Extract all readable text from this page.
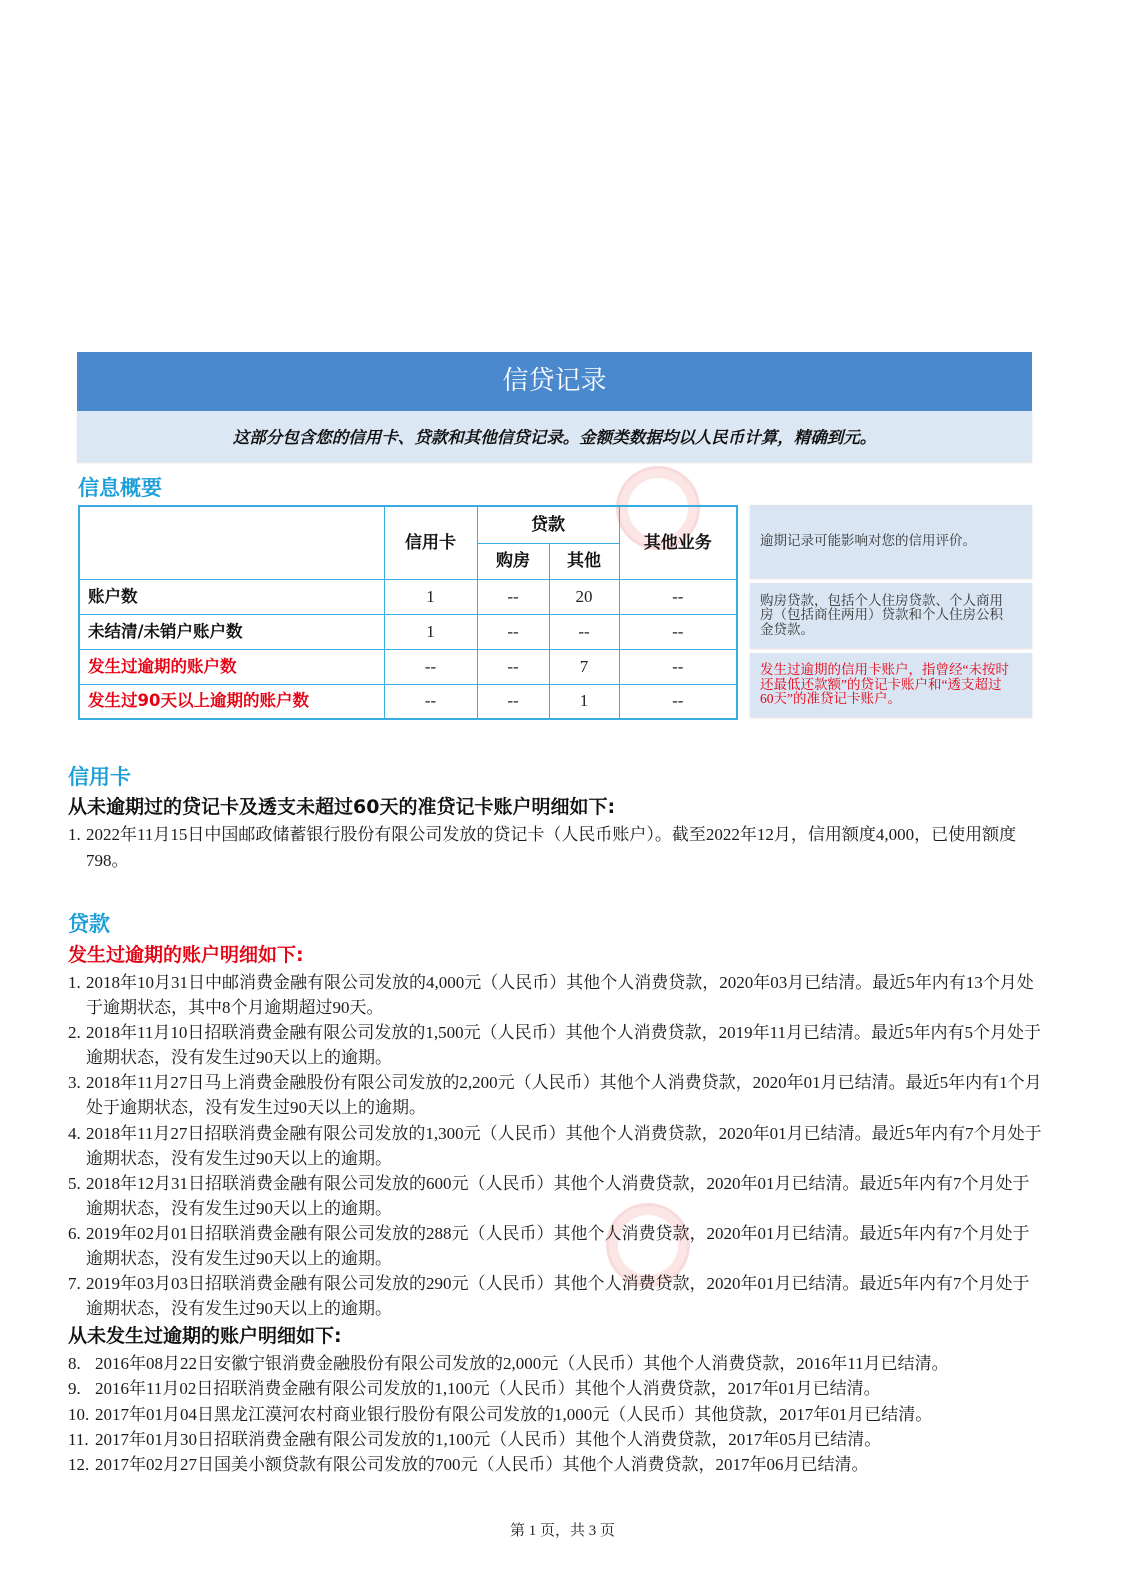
信贷记录
这部分包含您的信用卡、贷款和其他信贷记录。金额类数据均以人民币计算，精确到元。
信息概要
	信用卡	贷款		其他业务
		购房	其他	
账户数	1	--	20	--
未结清/未销户账户数	1	--	--	--
发生过逾期的账户数	--	--	7	--
发生过90天以上逾期的账户数	--	--	1	--
逾期记录可能影响对您的信用评价。
购房贷款，包括个人住房贷款、个人商用房（包括商住两用）贷款和个人住房公积金贷款。
发生过逾期的信用卡账户，指曾经“未按时还最低还款额”的贷记卡账户和“透支超过60天”的准贷记卡账户。
信用卡
从未逾期过的贷记卡及透支未超过60天的准贷记卡账户明细如下:
1. 2022年11月15日中国邮政储蓄银行股份有限公司发放的贷记卡（人民币账户）。截至2022年12月，信用额度4,000，已使用额度798。
贷款
发生过逾期的账户明细如下:
1. 2018年10月31日中邮消费金融有限公司发放的4,000元（人民币）其他个人消费贷款，2020年03月已结清。最近5年内有13个月处于逾期状态，其中8个月逾期超过90天。
2. 2018年11月10日招联消费金融有限公司发放的1,500元（人民币）其他个人消费贷款，2019年11月已结清。最近5年内有5个月处于逾期状态，没有发生过90天以上的逾期。
3. 2018年11月27日马上消费金融股份有限公司发放的2,200元（人民币）其他个人消费贷款，2020年01月已结清。最近5年内有1个月处于逾期状态，没有发生过90天以上的逾期。
4. 2018年11月27日招联消费金融有限公司发放的1,300元（人民币）其他个人消费贷款，2020年01月已结清。最近5年内有7个月处于逾期状态，没有发生过90天以上的逾期。
5. 2018年12月31日招联消费金融有限公司发放的600元（人民币）其他个人消费贷款，2020年01月已结清。最近5年内有7个月处于逾期状态，没有发生过90天以上的逾期。
6. 2019年02月01日招联消费金融有限公司发放的288元（人民币）其他个人消费贷款，2020年01月已结清。最近5年内有7个月处于逾期状态，没有发生过90天以上的逾期。
7. 2019年03月03日招联消费金融有限公司发放的290元（人民币）其他个人消费贷款，2020年01月已结清。最近5年内有7个月处于逾期状态，没有发生过90天以上的逾期。
从未发生过逾期的账户明细如下:
8. 2016年08月22日安徽宁银消费金融股份有限公司发放的2,000元（人民币）其他个人消费贷款，2016年11月已结清。
9. 2016年11月02日招联消费金融有限公司发放的1,100元（人民币）其他个人消费贷款，2017年01月已结清。
10. 2017年01月04日黑龙江漠河农村商业银行股份有限公司发放的1,000元（人民币）其他贷款，2017年01月已结清。
11. 2017年01月30日招联消费金融有限公司发放的1,100元（人民币）其他个人消费贷款，2017年05月已结清。
12. 2017年02月27日国美小额贷款有限公司发放的700元（人民币）其他个人消费贷款，2017年06月已结清。
第 1 页，共 3 页
